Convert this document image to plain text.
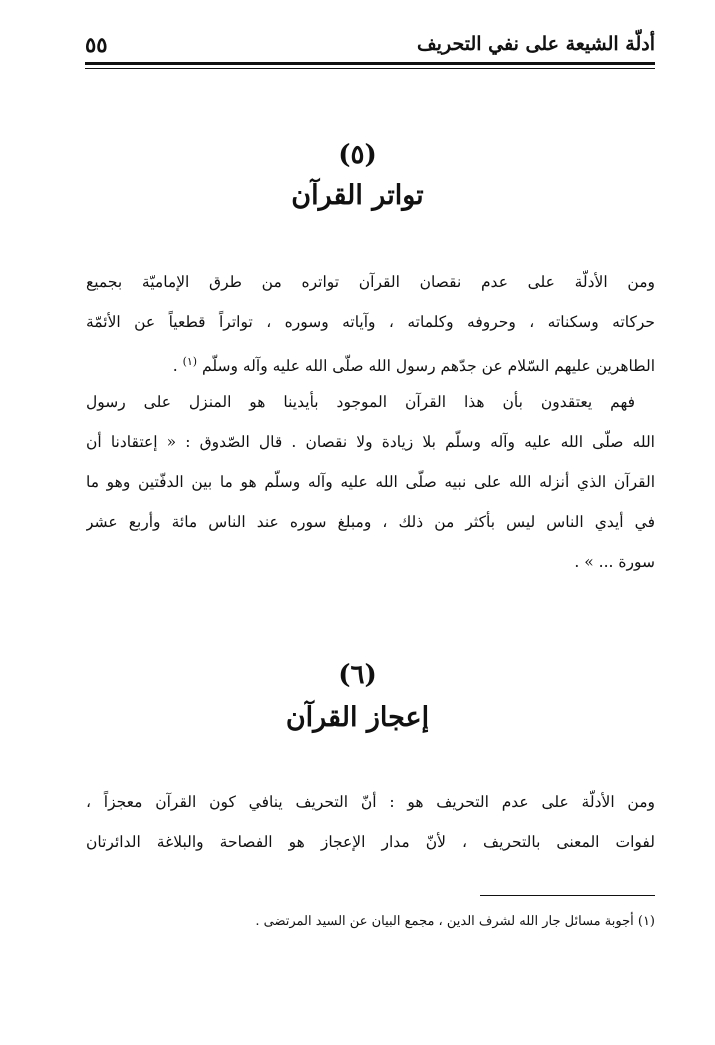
٥٥	أدلّة الشيعة على نفي التحريف
(٥)
تواتر القرآن
ومن الأدلّة على عدم نقصان القرآن تواتره من طرق الإماميّة بجميع
حركاته وسكناته ، وحروفه وكلماته ، وآياته وسوره ، تواتراً قطعياً عن الأئمّة
الطاهرين عليهم السّلام عن جدّهم رسول الله صلّى الله عليه وآله وسلّم $^{(١)}$ .
فهم يعتقدون بأن هذا القرآن الموجود بأيدينا هو المنزل على رسول
الله صلّى الله عليه وآله وسلّم بلا زيادة ولا نقصان . قال الصّدوق : « إعتقادنا أن
القرآن الذي أنزله الله على نبيه صلّى الله عليه وآله وسلّم هو ما بين الدفّتين وهو ما
في أيدي الناس ليس بأكثر من ذلك ، ومبلغ سوره عند الناس مائة وأربع عشر
سورة ... » .
(٦)
إعجاز القرآن
ومن الأدلّة على عدم التحريف هو : أنّ التحريف ينافي كون القرآن معجزاً ،
لفوات المعنى بالتحريف ، لأنّ مدار الإعجاز هو الفصاحة والبلاغة الدائرتان
(١) أجوبة مسائل جار الله لشرف الدين ، مجمع البيان عن السيد المرتضى .
